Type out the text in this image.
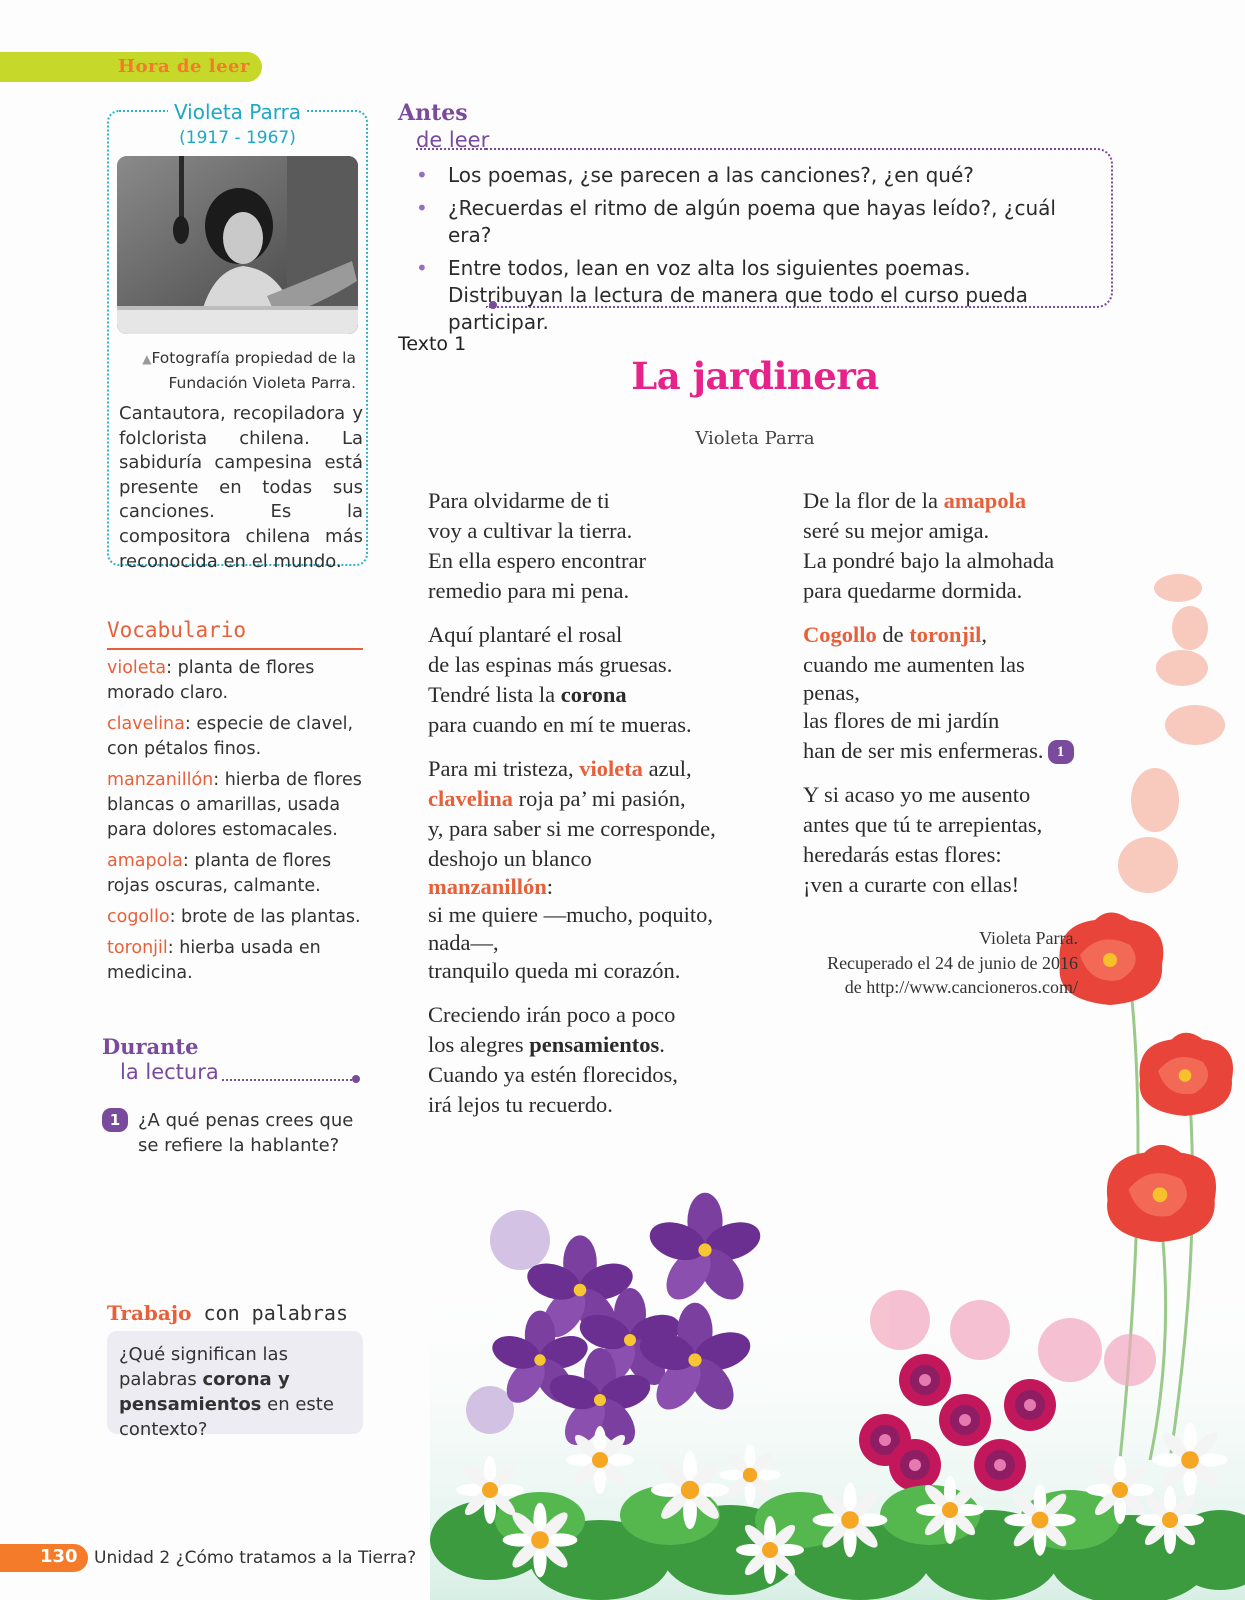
Hora de leer
Violeta Parra
(1917 - 1967)
▲Fotografía propiedad de la Fundación Violeta Parra.
Cantautora, recopiladora y folclorista chilena. La sabiduría campesina está presente en todas sus canciones. Es la compositora chilena más reconocida en el mundo.
Vocabulario
violeta: planta de flores morado claro.
clavelina: especie de clavel, con pétalos finos.
manzanillón: hierba de flores blancas o amarillas, usada para dolores estomacales.
amapola: planta de flores rojas oscuras, calmante.
cogollo: brote de las plantas.
toronjil: hierba usada en medicina.
Durante
la lectura
1 ¿A qué penas crees que se refiere la hablante?
Trabajo con palabras
¿Qué significan las palabras corona y pensamientos en este contexto?
130 Unidad 2 ¿Cómo tratamos a la Tierra?
Antes
de leer
• Los poemas, ¿se parecen a las canciones?, ¿en qué?
• ¿Recuerdas el ritmo de algún poema que hayas leído?, ¿cuál era?
• Entre todos, lean en voz alta los siguientes poemas. Distribuyan la lectura de manera que todo el curso pueda participar.
Texto 1
La jardinera
Violeta Parra
Para olvidarme de ti
voy a cultivar la tierra.
En ella espero encontrar
remedio para mi pena.
Aquí plantaré el rosal
de las espinas más gruesas.
Tendré lista la corona
para cuando en mí te mueras.
Para mi tristeza, violeta azul,
clavelina roja pa’ mi pasión,
y, para saber si me corresponde,
deshojo un blanco
manzanillón:
si me quiere —mucho, poquito,
nada—,
tranquilo queda mi corazón.
Creciendo irán poco a poco
los alegres pensamientos.
Cuando ya estén florecidos,
irá lejos tu recuerdo.
De la flor de la amapola
seré su mejor amiga.
La pondré bajo la almohada
para quedarme dormida.
Cogollo de toronjil,
cuando me aumenten las
penas,
las flores de mi jardín
han de ser mis enfermeras. 1
Y si acaso yo me ausento
antes que tú te arrepientas,
heredarás estas flores:
¡ven a curarte con ellas!
Violeta Parra.
Recuperado el 24 de junio de 2016
de http://www.cancioneros.com/
